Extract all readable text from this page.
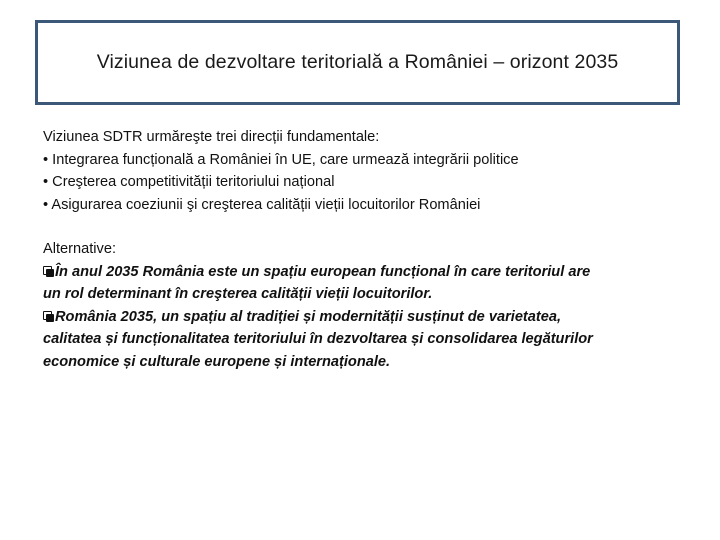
Viziunea de dezvoltare teritorială a României – orizont 2035
Viziunea SDTR urmăreşte trei direcții fundamentale:
• Integrarea funcțională a României în UE, care urmează integrării politice
• Creşterea competitivității teritoriului național
• Asigurarea coeziunii şi creşterea calității vieții locuitorilor României
Alternative:
În anul 2035 România este un spațiu european funcțional în care teritoriul are
un rol determinant în creşterea calității vieții locuitorilor.
România 2035, un spațiu al tradiției și modernității susținut de varietatea,
calitatea și funcționalitatea teritoriului în dezvoltarea și consolidarea legăturilor
economice și culturale europene și internaționale.
